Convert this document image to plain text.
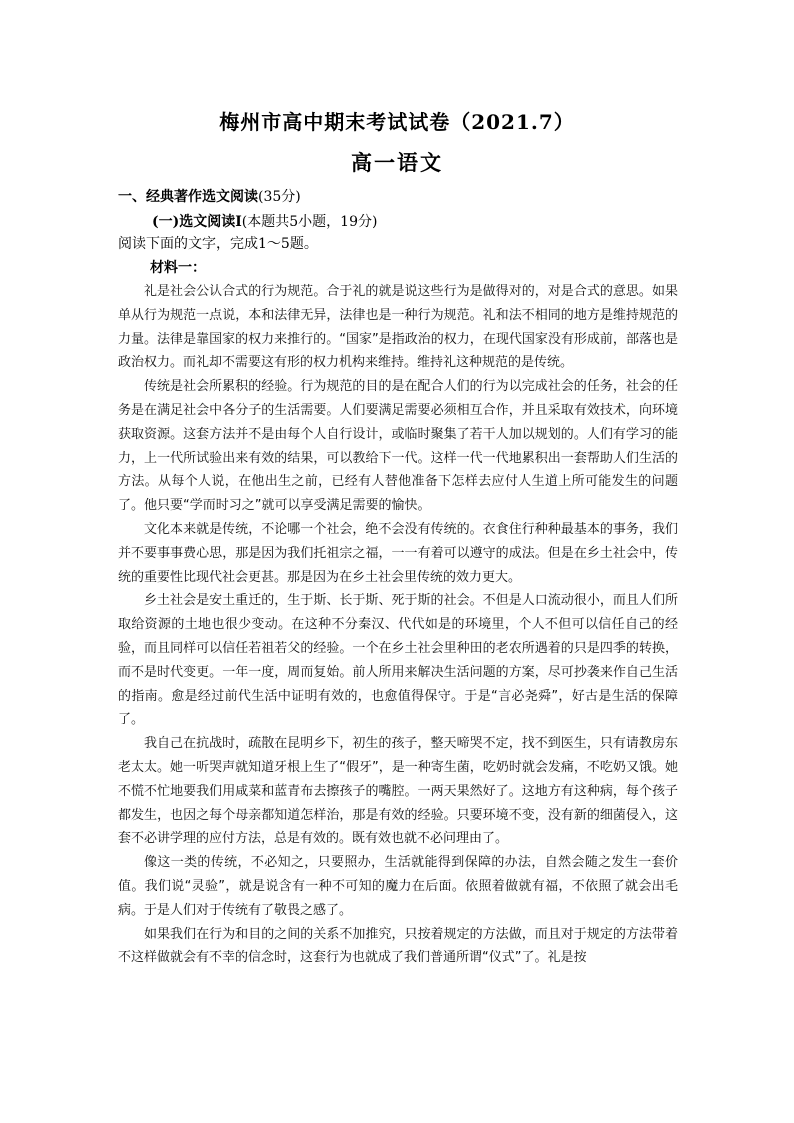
梅州市高中期末考试试卷（2021.7）
高一语文
一、经典著作选文阅读(35分)
(一)选文阅读Ⅰ(本题共5小题，19分)
阅读下面的文字，完成1～5题。
材料一：

礼是社会公认合式的行为规范。合于礼的就是说这些行为是做得对的，对是合式的意思。如果单从行为规范一点说，本和法律无异，法律也是一种行为规范。礼和法不相同的地方是维持规范的力量。法律是靠国家的权力来推行的。“国家”是指政治的权力，在现代国家没有形成前，部落也是政治权力。而礼却不需要这有形的权力机构来维持。维持礼这种规范的是传统。

传统是社会所累积的经验。行为规范的目的是在配合人们的行为以完成社会的任务，社会的任务是在满足社会中各分子的生活需要。人们要满足需要必须相互合作，并且采取有效技术，向环境获取资源。这套方法并不是由每个人自行设计，或临时聚集了若干人加以规划的。人们有学习的能力，上一代所试验出来有效的结果，可以教给下一代。这样一代一代地累积出一套帮助人们生活的方法。从每个人说，在他出生之前，已经有人替他准备下怎样去应付人生道上所可能发生的问题了。他只要“学而时习之”就可以享受满足需要的愉快。

文化本来就是传统，不论哪一个社会，绝不会没有传统的。衣食住行种种最基本的事务，我们并不要事事费心思，那是因为我们托祖宗之福，一一有着可以遵守的成法。但是在乡土社会中，传统的重要性比现代社会更甚。那是因为在乡土社会里传统的效力更大。

乡土社会是安土重迁的，生于斯、长于斯、死于斯的社会。不但是人口流动很小，而且人们所取给资源的土地也很少变动。在这种不分秦汉、代代如是的环境里，个人不但可以信任自己的经验，而且同样可以信任若祖若父的经验。一个在乡土社会里种田的老农所遇着的只是四季的转换，而不是时代变更。一年一度，周而复始。前人所用来解决生活问题的方案，尽可抄袭来作自己生活的指南。愈是经过前代生活中证明有效的，也愈值得保守。于是“言必尧舜”，好古是生活的保障了。

我自己在抗战时，疏散在昆明乡下，初生的孩子，整天啼哭不定，找不到医生，只有请教房东老太太。她一听哭声就知道牙根上生了“假牙”，是一种寄生菌，吃奶时就会发痛，不吃奶又饿。她不慌不忙地要我们用咸菜和蓝青布去擦孩子的嘴腔。一两天果然好了。这地方有这种病，每个孩子都发生，也因之每个母亲都知道怎样治，那是有效的经验。只要环境不变，没有新的细菌侵入，这套不必讲学理的应付方法，总是有效的。既有效也就不必问理由了。

像这一类的传统，不必知之，只要照办，生活就能得到保障的办法，自然会随之发生一套价值。我们说“灵验”，就是说含有一种不可知的魔力在后面。依照着做就有福，不依照了就会出毛病。于是人们对于传统有了敬畏之感了。

如果我们在行为和目的之间的关系不加推究，只按着规定的方法做，而且对于规定的方法带着不这样做就会有不幸的信念时，这套行为也就成了我们普通所谓“仪式”了。礼是按
